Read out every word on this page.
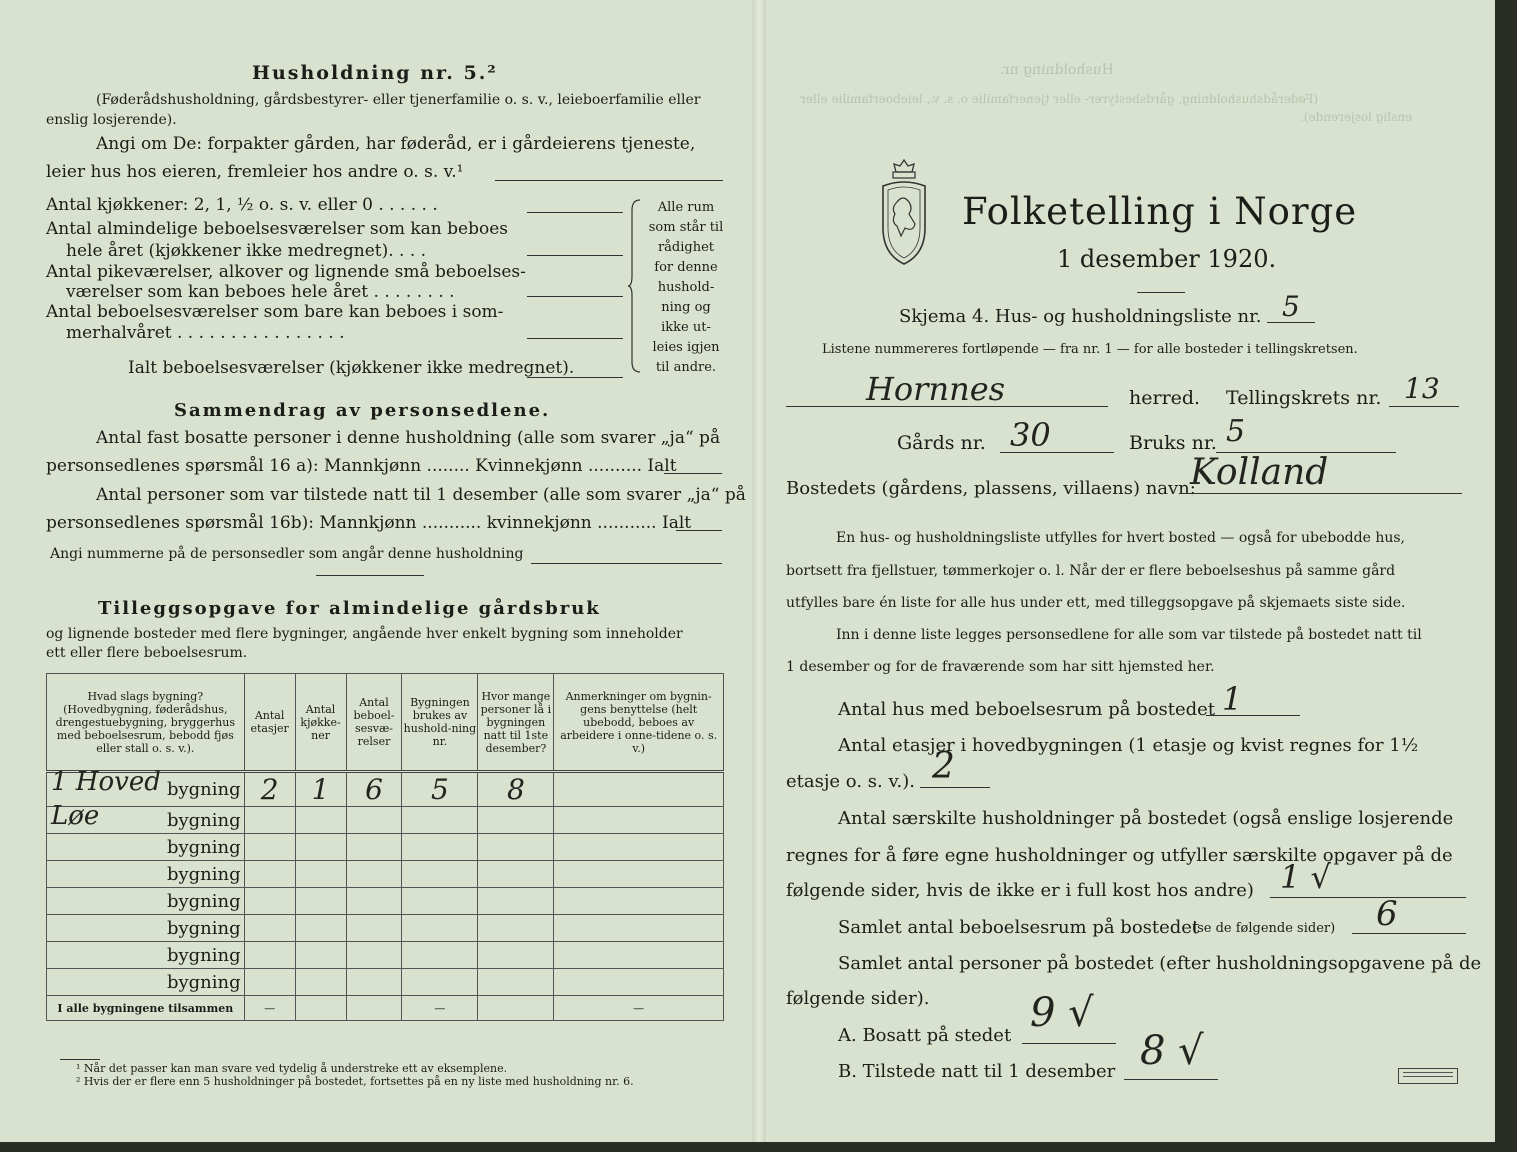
Husholdning nr. 5.²
(Føderådshusholdning, gårdsbestyrer- eller tjenerfamilie o. s. v., leieboerfamilie eller
enslig losjerende).
Angi om De: forpakter gården, har føderåd, er i gårdeierens tjeneste,
leier hus hos eieren, fremleier hos andre o. s. v.¹
Antal kjøkkener: 2, 1, ½ o. s. v. eller 0 . . . . . .
Antal almindelige beboelsesværelser som kan beboes
hele året (kjøkkener ikke medregnet). . . .
Antal pikeværelser, alkover og lignende små beboelses-
værelser som kan beboes hele året . . . . . . . .
Antal beboelsesværelser som bare kan beboes i som-
merhalvåret . . . . . . . . . . . . . . . .
Ialt beboelsesværelser (kjøkkener ikke medregnet).
Alle rum
som står til
rådighet
for denne
hushold-
ning og
ikke ut-
leies igjen
til andre.
Sammendrag av personsedlene.
Antal fast bosatte personer i denne husholdning (alle som svarer „ja“ på
personsedlenes spørsmål 16 a): Mannkjønn ........ Kvinnekjønn .......... Ialt
Antal personer som var tilstede natt til 1 desember (alle som svarer „ja“ på
personsedlenes spørsmål 16b): Mannkjønn ........... kvinnekjønn ........... Ialt
Angi nummerne på de personsedler som angår denne husholdning
Tilleggsopgave for almindelige gårdsbruk
og lignende bosteder med flere bygninger, angående hver enkelt bygning som inneholder
ett eller flere beboelsesrum.
Hvad slags bygning? (Hovedbygning, føderådshus, drengestuebygning, bryggerhus med beboelsesrum, bebodd fjøs eller stall o. s. v.).	Antal etasjer	Antal kjøkke-ner	Antal beboel-sesvæ-relser	Bygningen brukes av hushold-ning nr.	Hvor mange personer lå i bygningen natt til 1ste desember?	Anmerkninger om bygnin-gens benyttelse (helt ubebodd, beboes av arbeidere i onne-tidene o. s. v.)

1 Hoved bygning	2	1	6	5	8	

Løe bygning						
bygning						
bygning						
bygning						
bygning						
bygning						
bygning						
I alle bygningene tilsammen	—			—		—
¹ Når det passer kan man svare ved tydelig å understreke ett av eksemplene.
² Hvis der er flere enn 5 husholdninger på bostedet, fortsettes på en ny liste med husholdning nr. 6.
Husholdning nr.
(Føderådshusholdning, gårdsbestyrer- eller tjenerfamilie o. s. v., leieboerfamilie eller
enslig losjerende).
Folketelling i Norge
1 desember 1920.
Skjema 4. Hus- og husholdningsliste nr. 5
Listene nummereres fortløpende — fra nr. 1 — for alle bosteder i tellingskretsen.
Hornnes	herred. Tellingskrets nr. 13
Gårds nr. 30	Bruks nr. 5
Bostedets (gårdens, plassens, villaens) navn:
Kolland
En hus- og husholdningsliste utfylles for hvert bosted — også for ubebodde hus,
bortsett fra fjellstuer, tømmerkojer o. l. Når der er flere beboelseshus på samme gård
utfylles bare én liste for alle hus under ett, med tilleggsopgave på skjemaets siste side.
Inn i denne liste legges personsedlene for alle som var tilstede på bostedet natt til
1 desember og for de fraværende som har sitt hjemsted her.
Antal hus med beboelsesrum på bostedet 1
Antal etasjer i hovedbygningen (1 etasje og kvist regnes for 1½
etasje o. s. v.). 2
Antal særskilte husholdninger på bostedet (også enslige losjerende
regnes for å føre egne husholdninger og utfyller særskilte opgaver på de
følgende sider, hvis de ikke er i full kost hos andre) 1 √
Samlet antal beboelsesrum på bostedet
(se de følgende sider) 6
Samlet antal personer på bostedet (efter husholdningsopgavene på de
følgende sider).
A. Bosatt på stedet 9 √
B. Tilstede natt til 1 desember 8 √
